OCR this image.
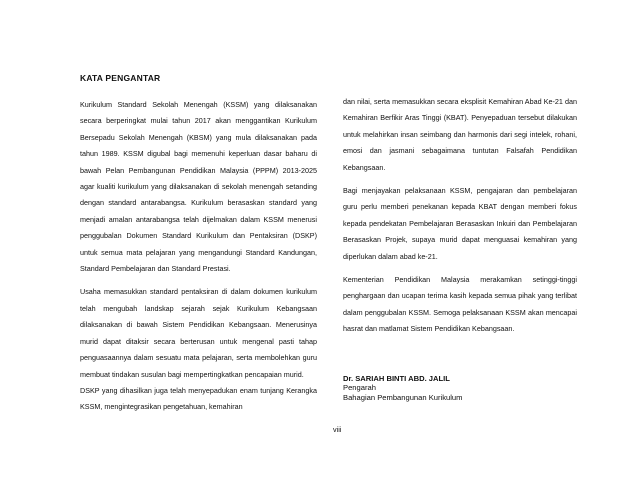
KATA PENGANTAR

Kurikulum Standard Sekolah Menengah (KSSM) yang dilaksanakan secara berperingkat mulai tahun 2017 akan menggantikan Kurikulum Bersepadu Sekolah Menengah (KBSM) yang mula dilaksanakan pada tahun 1989. KSSM digubal bagi memenuhi keperluan dasar baharu di bawah Pelan Pembangunan Pendidikan Malaysia (PPPM) 2013-2025 agar kualiti kurikulum yang dilaksanakan di sekolah menengah setanding dengan standard antarabangsa. Kurikulum berasaskan standard yang menjadi amalan antarabangsa telah dijelmakan dalam KSSM menerusi penggubalan Dokumen Standard Kurikulum dan Pentaksiran (DSKP) untuk semua mata pelajaran yang mengandungi Standard Kandungan, Standard Pembelajaran dan Standard Prestasi.

Usaha memasukkan standard pentaksiran di dalam dokumen kurikulum telah mengubah landskap sejarah sejak Kurikulum Kebangsaan dilaksanakan di bawah Sistem Pendidikan Kebangsaan. Menerusinya murid dapat ditaksir secara berterusan untuk mengenal pasti tahap penguasaannya dalam sesuatu mata pelajaran, serta membolehkan guru membuat tindakan susulan bagi mempertingkatkan pencapaian murid.

DSKP yang dihasilkan juga telah menyepadukan enam tunjang Kerangka KSSM, mengintegrasikan pengetahuan, kemahiran

dan nilai, serta memasukkan secara eksplisit Kemahiran Abad Ke-21 dan Kemahiran Berfikir Aras Tinggi (KBAT). Penyepaduan tersebut dilakukan untuk melahirkan insan seimbang dan harmonis dari segi intelek, rohani, emosi dan jasmani sebagaimana tuntutan Falsafah Pendidikan Kebangsaan.

Bagi menjayakan pelaksanaan KSSM, pengajaran dan pembelajaran guru perlu memberi penekanan kepada KBAT dengan memberi fokus kepada pendekatan Pembelajaran Berasaskan Inkuiri dan Pembelajaran Berasaskan Projek, supaya murid dapat menguasai kemahiran yang diperlukan dalam abad ke-21.

Kementerian Pendidikan Malaysia merakamkan setinggi-tinggi penghargaan dan ucapan terima kasih kepada semua pihak yang terlibat dalam penggubalan KSSM. Semoga pelaksanaan KSSM akan mencapai hasrat dan matlamat Sistem Pendidikan Kebangsaan.

Dr. SARIAH BINTI ABD. JALIL
Pengarah
Bahagian Pembangunan Kurikulum
viii
